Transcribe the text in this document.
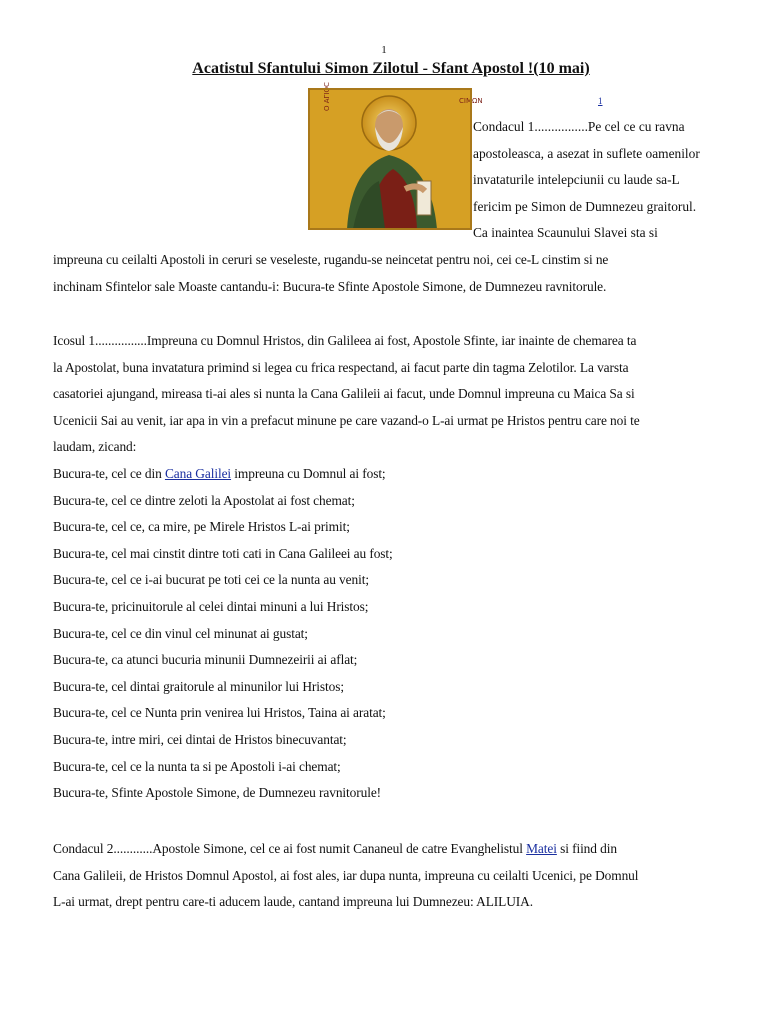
1
Acatistul Sfantului Simon Zilotul - Sfant Apostol !(10 mai)
O AΓIOC	CIMΩN	1
Condacul 1................Pe cel ce cu ravna
apostoleasca, a asezat in suflete oamenilor
invataturile intelepciunii cu laude sa-L
fericim pe Simon de Dumnezeu graitorul.
Ca inaintea Scaunului Slavei sta si
impreuna cu ceilalti Apostoli in ceruri se veseleste, rugandu-se neincetat pentru noi, cei ce-L cinstim si ne
inchinam Sfintelor sale Moaste cantandu-i: Bucura-te Sfinte Apostole Simone, de Dumnezeu ravnitorule.
Icosul 1................Impreuna cu Domnul Hristos, din Galileea ai fost, Apostole Sfinte, iar inainte de chemarea ta
la Apostolat, buna invatatura primind si legea cu frica respectand, ai facut parte din tagma Zelotilor. La varsta
casatoriei ajungand, mireasa ti-ai ales si nunta la Cana Galileii ai facut, unde Domnul impreuna cu Maica Sa si
Ucenicii Sai au venit, iar apa in vin a prefacut minune pe care vazand-o L-ai urmat pe Hristos pentru care noi te
laudam, zicand:
Bucura-te, cel ce din Cana Galilei impreuna cu Domnul ai fost;
Bucura-te, cel ce dintre zeloti la Apostolat ai fost chemat;
Bucura-te, cel ce, ca mire, pe Mirele Hristos L-ai primit;
Bucura-te, cel mai cinstit dintre toti cati in Cana Galileei au fost;
Bucura-te, cel ce i-ai bucurat pe toti cei ce la nunta au venit;
Bucura-te, pricinuitorule al celei dintai minuni a lui Hristos;
Bucura-te, cel ce din vinul cel minunat ai gustat;
Bucura-te, ca atunci bucuria minunii Dumnezeirii ai aflat;
Bucura-te, cel dintai graitorule al minunilor lui Hristos;
Bucura-te, cel ce Nunta prin venirea lui Hristos, Taina ai aratat;
Bucura-te, intre miri, cei dintai de Hristos binecuvantat;
Bucura-te, cel ce la nunta ta si pe Apostoli i-ai chemat;
Bucura-te, Sfinte Apostole Simone, de Dumnezeu ravnitorule!
Condacul 2............Apostole Simone, cel ce ai fost numit Cananeul de catre Evanghelistul Matei si fiind din
Cana Galileii, de Hristos Domnul Apostol, ai fost ales, iar dupa nunta, impreuna cu ceilalti Ucenici, pe Domnul
L-ai urmat, drept pentru care-ti aducem laude, cantand impreuna lui Dumnezeu: ALILUIA.
